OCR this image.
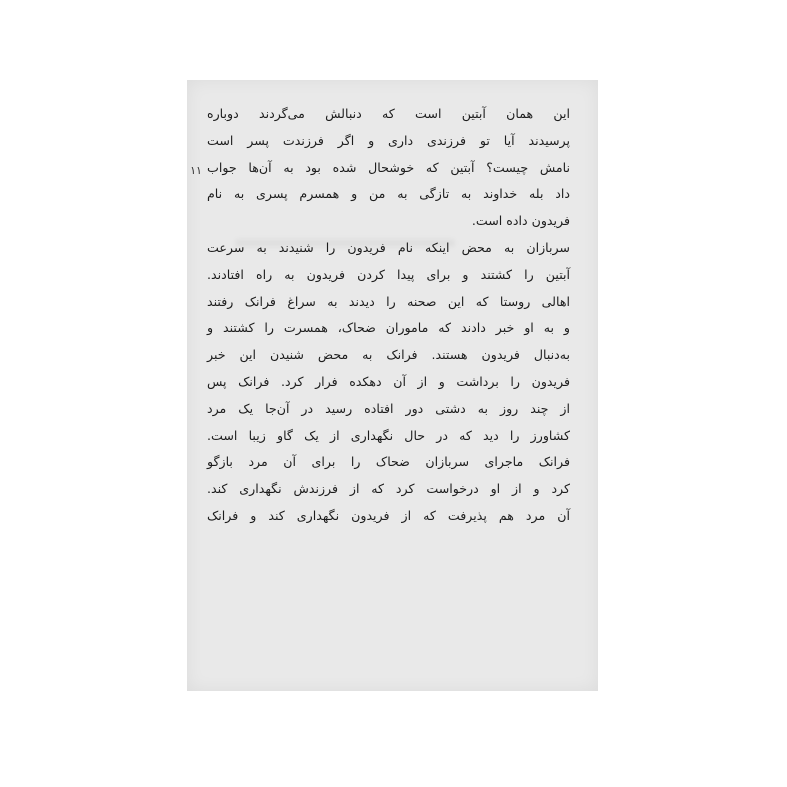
۱۱
این همان آبتین است که دنبالش می‌گردند دوباره
پرسیدند آیا تو فرزندی داری و اگر فرزندت پسر است
نامش چیست؟ آبتین که خوشحال شده بود به آن‌ها جواب
داد بله خداوند به تازگی به من و همسرم پسری به نام
فریدون داده است.
سربازان به محض اینکه نام فریدون را شنیدند به سرعت
آبتین را کشتند و برای پیدا کردن فریدون به راه افتادند.
اهالی روستا که این صحنه را دیدند به سراغ فرانک رفتند
و به او خبر دادند که ماموران ضحاک، همسرت را کشتند و
به‌دنبال فریدون هستند. فرانک به محض شنیدن این خبر
فریدون را برداشت و از آن دهکده فرار کرد. فرانک پس
از چند روز به دشتی دور افتاده رسید در آن‌جا یک مرد
کشاورز را دید که در حال نگهداری از یک گاو زیبا است.
فرانک ماجرای سربازان ضحاک را برای آن مرد بازگو
کرد و از او درخواست کرد که از فرزندش نگهداری کند.
آن مرد هم پذیرفت که از فریدون نگهداری کند و فرانک
